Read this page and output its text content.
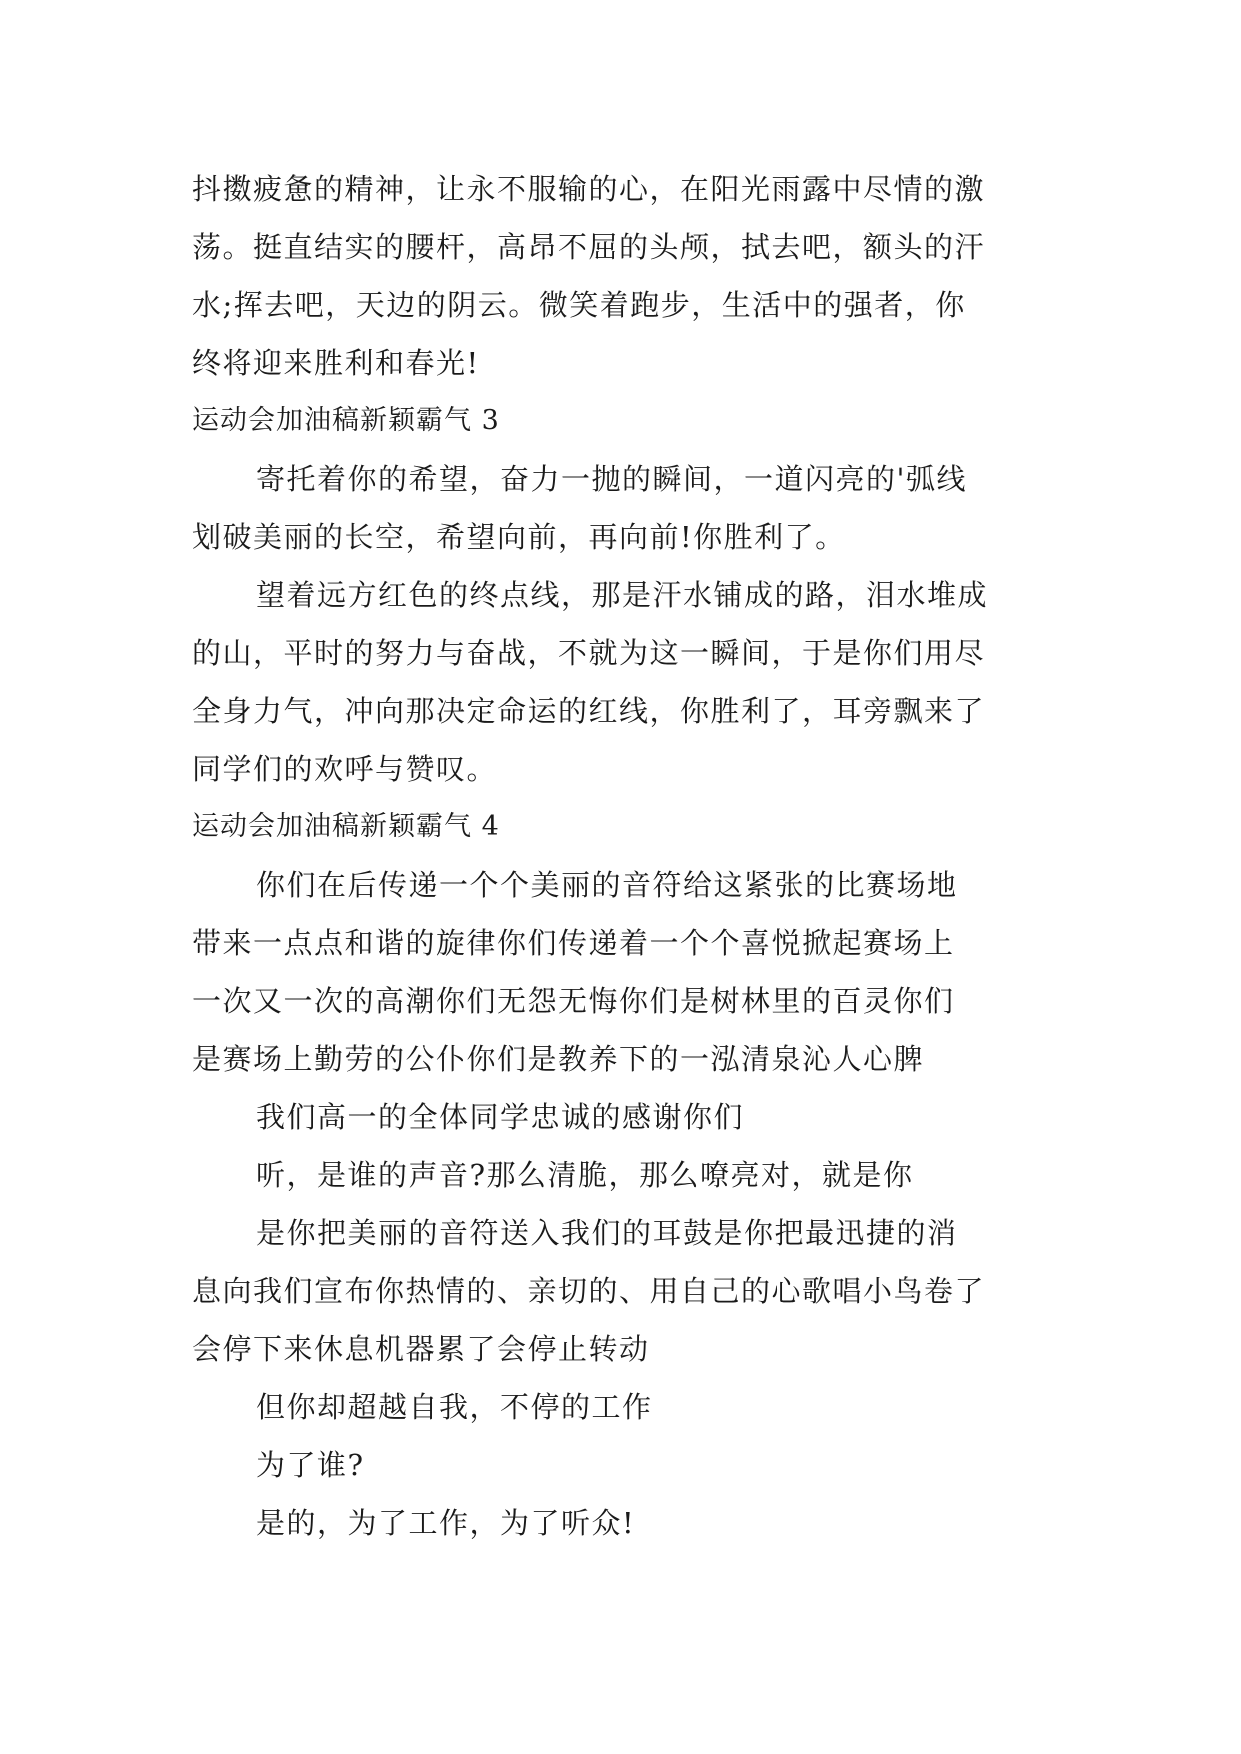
抖擞疲惫的精神，让永不服输的心，在阳光雨露中尽情的激
荡。挺直结实的腰杆，高昂不屈的头颅，拭去吧，额头的汗
水;挥去吧，天边的阴云。微笑着跑步，生活中的强者，你
终将迎来胜利和春光!
运动会加油稿新颖霸气 3
寄托着你的希望，奋力一抛的瞬间，一道闪亮的'弧线
划破美丽的长空，希望向前，再向前!你胜利了。
望着远方红色的终点线，那是汗水铺成的路，泪水堆成
的山，平时的努力与奋战，不就为这一瞬间，于是你们用尽
全身力气，冲向那决定命运的红线，你胜利了，耳旁飘来了
同学们的欢呼与赞叹。
运动会加油稿新颖霸气 4
你们在后传递一个个美丽的音符给这紧张的比赛场地
带来一点点和谐的旋律你们传递着一个个喜悦掀起赛场上
一次又一次的高潮你们无怨无悔你们是树林里的百灵你们
是赛场上勤劳的公仆你们是教养下的一泓清泉沁人心脾
我们高一的全体同学忠诚的感谢你们
听，是谁的声音?那么清脆，那么嘹亮对，就是你
是你把美丽的音符送入我们的耳鼓是你把最迅捷的消
息向我们宣布你热情的、亲切的、用自己的心歌唱小鸟卷了
会停下来休息机器累了会停止转动
但你却超越自我，不停的工作
为了谁?
是的，为了工作，为了听众!
